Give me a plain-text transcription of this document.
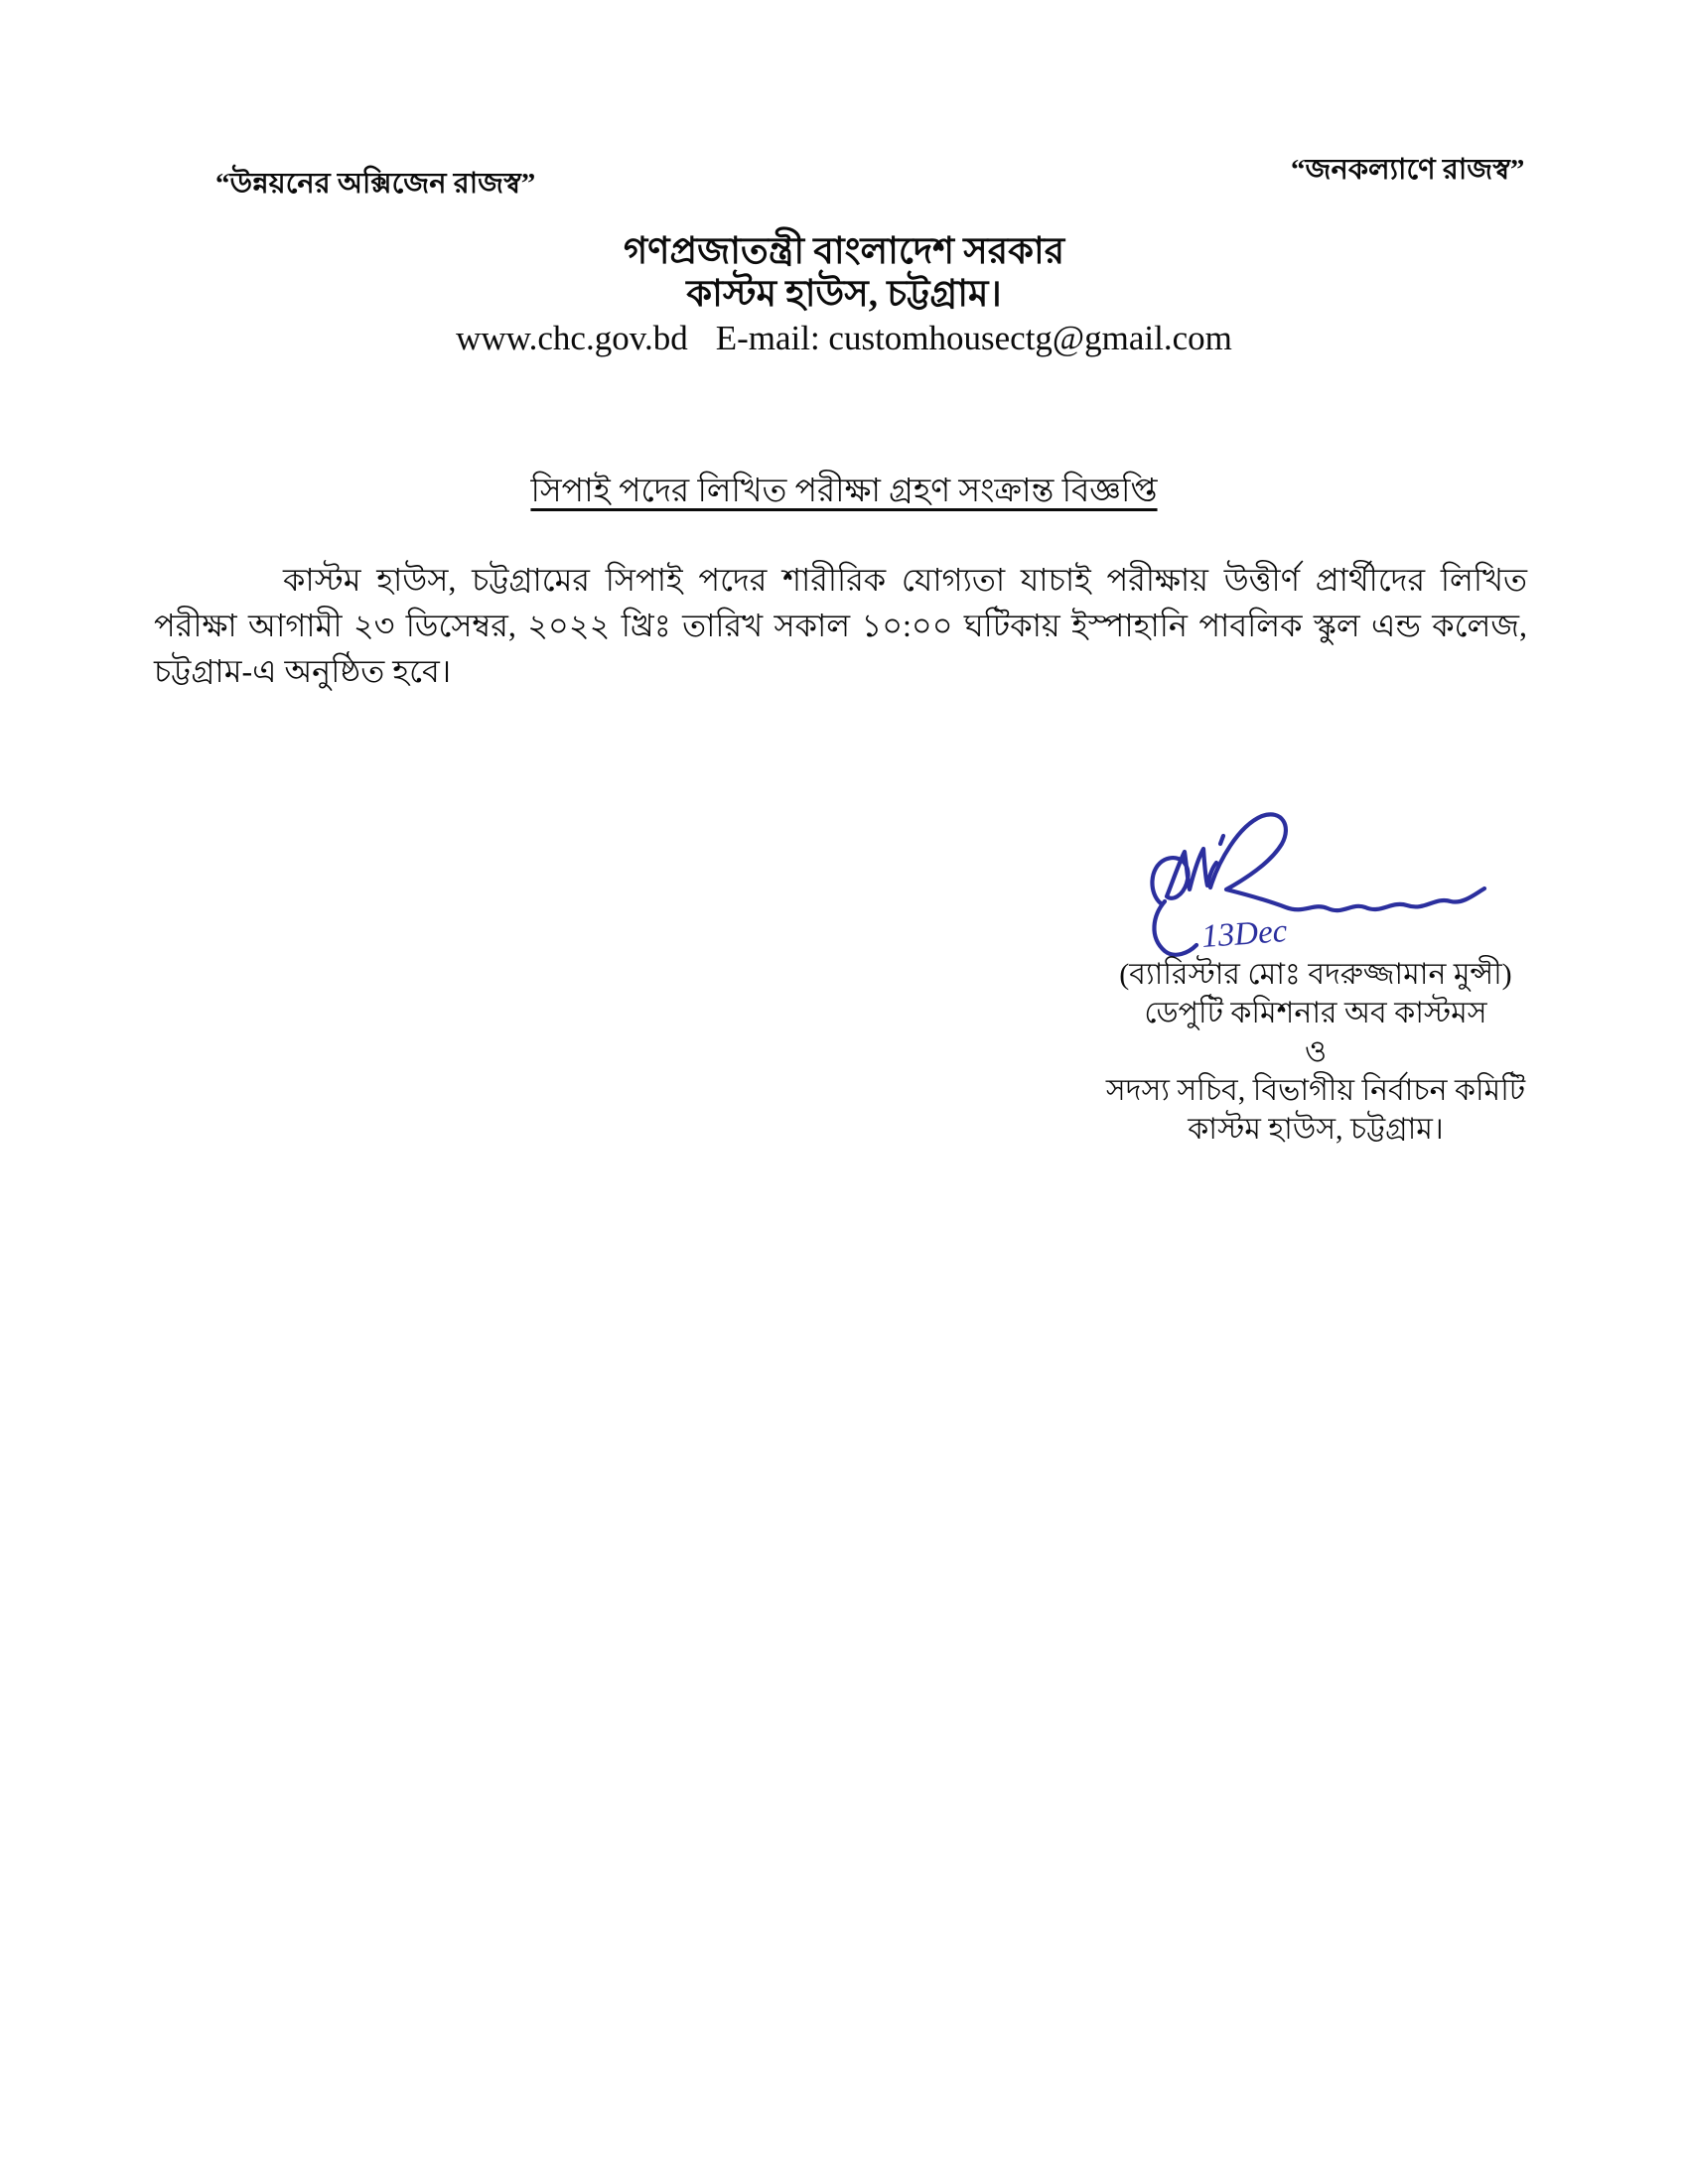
“উন্নয়নের অক্সিজেন রাজস্ব”	“জনকল্যাণে রাজস্ব”
গণপ্রজাতন্ত্রী বাংলাদেশ সরকার
কাস্টম হাউস, চট্টগ্রাম।
www.chc.gov.bd E-mail: customhousectg@gmail.com
সিপাই পদের লিখিত পরীক্ষা গ্রহণ সংক্রান্ত বিজ্ঞপ্তি
কাস্টম হাউস, চট্টগ্রামের সিপাই পদের শারীরিক যোগ্যতা যাচাই পরীক্ষায় উত্তীর্ণ প্রার্থীদের লিখিত পরীক্ষা আগামী ২৩ ডিসেম্বর, ২০২২ খ্রিঃ তারিখ সকাল ১০:০০ ঘটিকায় ইস্পাহানি পাবলিক স্কুল এন্ড কলেজ, চট্টগ্রাম-এ অনুষ্ঠিত হবে।
13Dec
(ব্যারিস্টার মোঃ বদরুজ্জামান মুন্সী)
ডেপুটি কমিশনার অব কাস্টমস
ও
সদস্য সচিব, বিভাগীয় নির্বাচন কমিটি
কাস্টম হাউস, চট্টগ্রাম।
